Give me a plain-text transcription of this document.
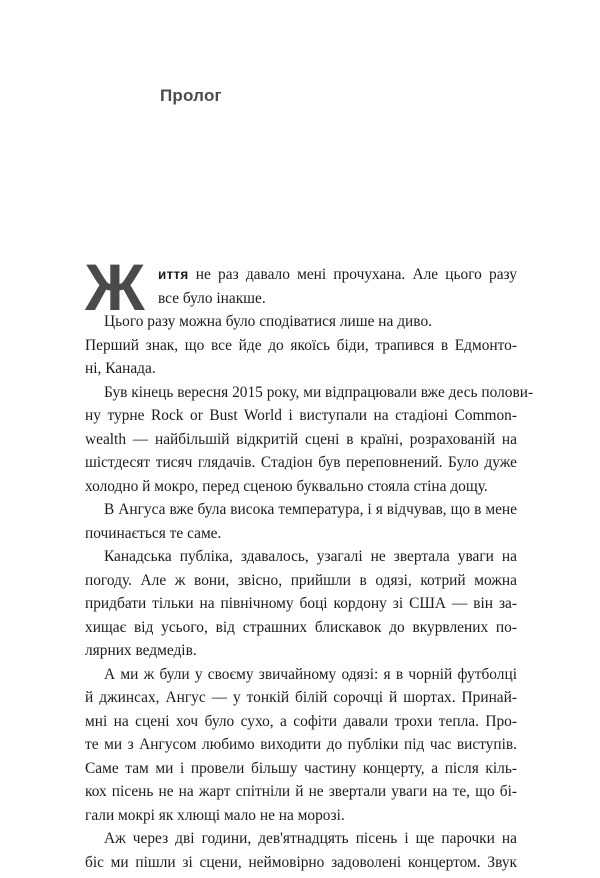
Пролог
Ж	иття не раз давало мені прочухана. Але цього разу
все було інакше.
Цього разу можна було сподіватися лише на диво.
Перший знак, що все йде до якоїсь біди, трапився в Едмонто-
ні, Канада.
Був кінець вересня 2015 року, ми відпрацювали вже десь полови-
ну турне Rock or Bust World і виступали на стадіоні Common-
wealth — найбільшій відкритій сцені в країні, розрахованій на
шістдесят тисяч глядачів. Стадіон був переповнений. Було дуже
холодно й мокро, перед сценою буквально стояла стіна дощу.
В Ангуса вже була висока температура, і я відчував, що в мене
починається те саме.
Канадська публіка, здавалось, узагалі не звертала уваги на
погоду. Але ж вони, звісно, прийшли в одязі, котрий можна
придбати тільки на північному боці кордону зі США — він за-
хищає від усього, від страшних блискавок до вкурвлених по-
лярних ведмедів.
А ми ж були у своєму звичайному одязі: я в чорній футболці
й джинсах, Ангус — у тонкій білій сорочці й шортах. Принай-
мні на сцені хоч було сухо, а софіти давали трохи тепла. Про-
те ми з Ангусом любимо виходити до публіки під час виступів.
Саме там ми і провели більшу частину концерту, а після кіль-
кох пісень не на жарт спітніли й не звертали уваги на те, що бі-
гали мокрі як хлющі мало не на морозі.
Аж через дві години, дев'ятнадцять пісень і ще парочки на
біс ми пішли зі сцени, неймовірно задоволені концертом. Звук
